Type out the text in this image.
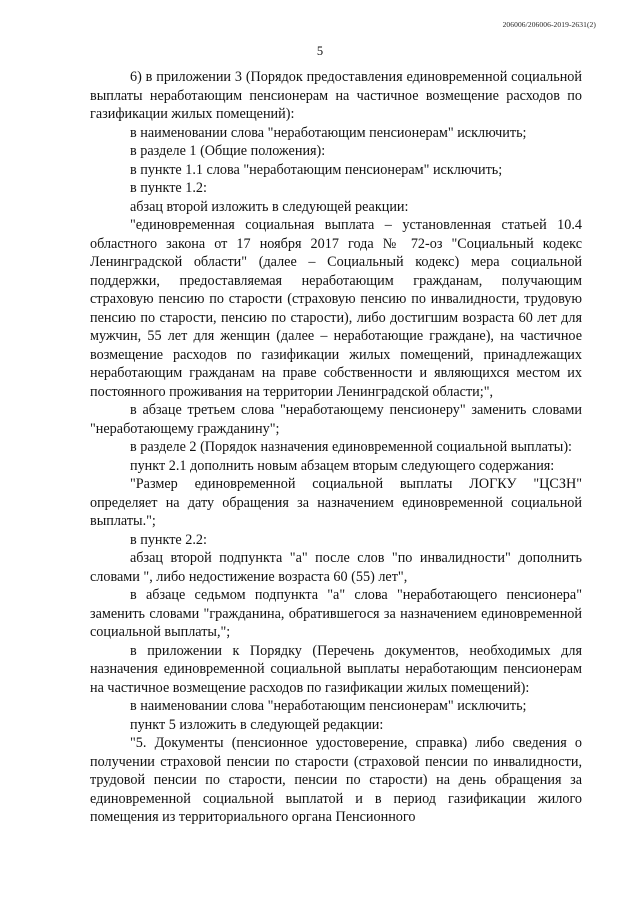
206006/206006-2019-2631(2)
5

6) в приложении 3 (Порядок предоставления единовременной социальной выплаты неработающим пенсионерам на частичное возмещение расходов по газификации жилых помещений):

в наименовании слова "неработающим пенсионерам" исключить;

в разделе 1 (Общие положения):

в пункте 1.1 слова "неработающим пенсионерам" исключить;

в пункте 1.2:

абзац второй изложить в следующей реакции:

"единовременная социальная выплата – установленная статьей 10.4 областного закона от 17 ноября 2017 года № 72-оз "Социальный кодекс Ленинградской области" (далее – Социальный кодекс) мера социальной поддержки, предоставляемая неработающим гражданам, получающим страховую пенсию по старости (страховую пенсию по инвалидности, трудовую пенсию по старости, пенсию по старости), либо достигшим возраста 60 лет для мужчин, 55 лет для женщин (далее – неработающие граждане), на частичное возмещение расходов по газификации жилых помещений, принадлежащих неработающим гражданам на праве собственности и являющихся местом их постоянного проживания на территории Ленинградской области;",

в абзаце третьем слова "неработающему пенсионеру" заменить словами "неработающему гражданину";

в разделе 2 (Порядок назначения единовременной социальной выплаты):

пункт 2.1 дополнить новым абзацем вторым следующего содержания:

"Размер единовременной социальной выплаты ЛОГКУ "ЦСЗН" определяет на дату обращения за назначением единовременной социальной выплаты.";

в пункте 2.2:

абзац второй подпункта "а" после слов "по инвалидности" дополнить словами ", либо недостижение возраста 60 (55) лет",

в абзаце седьмом подпункта "а" слова "неработающего пенсионера" заменить словами "гражданина, обратившегося за назначением единовременной социальной выплаты,";

в приложении к Порядку (Перечень документов, необходимых для назначения единовременной социальной выплаты неработающим пенсионерам на частичное возмещение расходов по газификации жилых помещений):

в наименовании слова "неработающим пенсионерам" исключить;

пункт 5 изложить в следующей редакции:

"5. Документы (пенсионное удостоверение, справка) либо сведения о получении страховой пенсии по старости (страховой пенсии по инвалидности, трудовой пенсии по старости, пенсии по старости) на день обращения за единовременной социальной выплатой и в период газификации жилого помещения из территориального органа Пенсионного
